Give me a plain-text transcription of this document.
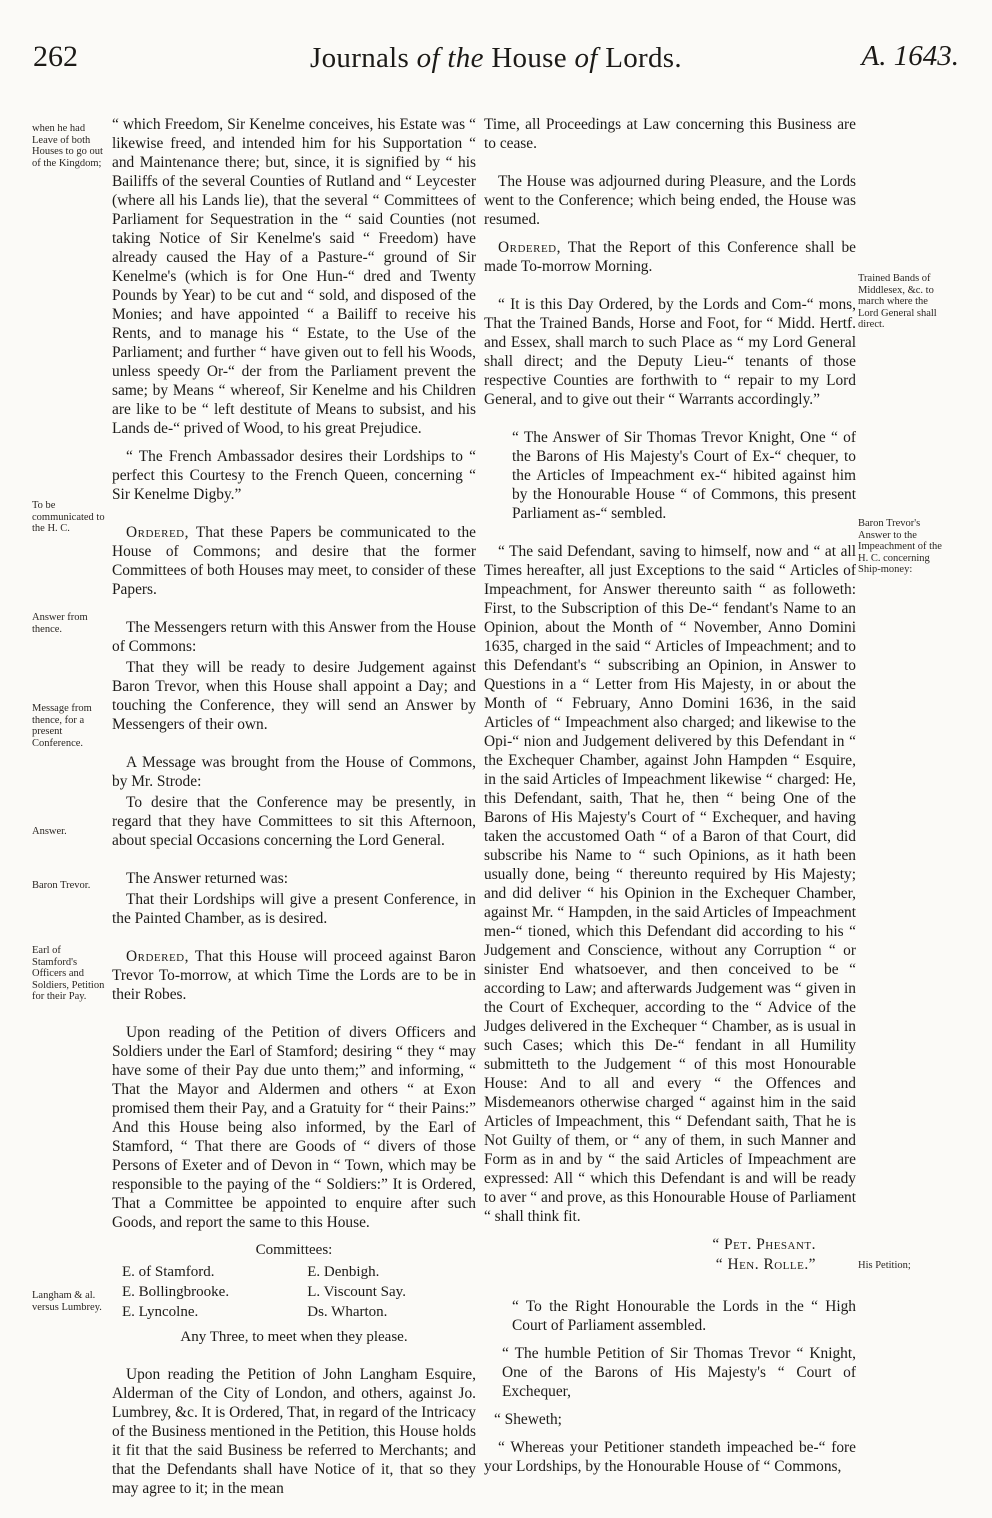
262	Journals of the House of Lords.	A. 1643.
when he had Leave of both Houses to go out of the Kingdom;
To be communicated to the H. C.
Answer from thence.
Message from thence, for a present Conference.
Answer.
Baron Trevor.
Earl of Stamford's Officers and Soldiers, Petition for their Pay.
Langham & al. versus Lumbrey.
Trained Bands of Middlesex, &c. to march where the Lord General shall direct.
Baron Trevor's Answer to the Impeachment of the H. C. concerning Ship-money:
His Petition;

“ which Freedom, Sir Kenelme conceives, his Estate was “ likewise freed, and intended him for his Supportation “ and Maintenance there; but, since, it is signified by “ his Bailiffs of the several Counties of Rutland and “ Leycester (where all his Lands lie), that the several “ Committees of Parliament for Sequestration in the “ said Counties (not taking Notice of Sir Kenelme's said “ Freedom) have already caused the Hay of a Pasture-“ ground of Sir Kenelme's (which is for One Hun-“ dred and Twenty Pounds by Year) to be cut and “ sold, and disposed of the Monies; and have appointed “ a Bailiff to receive his Rents, and to manage his “ Estate, to the Use of the Parliament; and further “ have given out to fell his Woods, unless speedy Or-“ der from the Parliament prevent the same; by Means “ whereof, Sir Kenelme and his Children are like to be “ left destitute of Means to subsist, and his Lands de-“ prived of Wood, to his great Prejudice.

“ The French Ambassador desires their Lordships to “ perfect this Courtesy to the French Queen, concerning “ Sir Kenelme Digby.”

Ordered, That these Papers be communicated to the House of Commons; and desire that the former Committees of both Houses may meet, to consider of these Papers.

The Messengers return with this Answer from the House of Commons:

That they will be ready to desire Judgement against Baron Trevor, when this House shall appoint a Day; and touching the Conference, they will send an Answer by Messengers of their own.

A Message was brought from the House of Commons, by Mr. Strode:

To desire that the Conference may be presently, in regard that they have Committees to sit this Afternoon, about special Occasions concerning the Lord General.

The Answer returned was:

That their Lordships will give a present Conference, in the Painted Chamber, as is desired.

Ordered, That this House will proceed against Baron Trevor To-morrow, at which Time the Lords are to be in their Robes.

Upon reading of the Petition of divers Officers and Soldiers under the Earl of Stamford; desiring “ they “ may have some of their Pay due unto them;” and informing, “ That the Mayor and Aldermen and others “ at Exon promised them their Pay, and a Gratuity for “ their Pains:” And this House being also informed, by the Earl of Stamford, “ That there are Goods of “ divers of those Persons of Exeter and of Devon in “ Town, which may be responsible to the paying of the “ Soldiers:” It is Ordered, That a Committee be appointed to enquire after such Goods, and report the same to this House.

Committees:
E. of Stamford.	E. Denbigh.
E. Bollingbrooke.	L. Viscount Say.
E. Lyncolne.	Ds. Wharton.
Any Three, to meet when they please.

Upon reading the Petition of John Langham Esquire, Alderman of the City of London, and others, against Jo. Lumbrey, &c. It is Ordered, That, in regard of the Intricacy of the Business mentioned in the Petition, this House holds it fit that the said Business be referred to Merchants; and that the Defendants shall have Notice of it, that so they may agree to it; in the mean

Time, all Proceedings at Law concerning this Business are to cease.

The House was adjourned during Pleasure, and the Lords went to the Conference; which being ended, the House was resumed.

Ordered, That the Report of this Conference shall be made To-morrow Morning.

“ It is this Day Ordered, by the Lords and Com-“ mons, That the Trained Bands, Horse and Foot, for “ Midd. Hertf. and Essex, shall march to such Place as “ my Lord General shall direct; and the Deputy Lieu-“ tenants of those respective Counties are forthwith to “ repair to my Lord General, and to give out their “ Warrants accordingly.”

“ The Answer of Sir Thomas Trevor Knight, One “ of the Barons of His Majesty's Court of Ex-“ chequer, to the Articles of Impeachment ex-“ hibited against him by the Honourable House “ of Commons, this present Parliament as-“ sembled.

“ The said Defendant, saving to himself, now and “ at all Times hereafter, all just Exceptions to the said “ Articles of Impeachment, for Answer thereunto saith “ as followeth: First, to the Subscription of this De-“ fendant's Name to an Opinion, about the Month of “ November, Anno Domini 1635, charged in the said “ Articles of Impeachment; and to this Defendant's “ subscribing an Opinion, in Answer to Questions in a “ Letter from His Majesty, in or about the Month of “ February, Anno Domini 1636, in the said Articles of “ Impeachment also charged; and likewise to the Opi-“ nion and Judgement delivered by this Defendant in “ the Exchequer Chamber, against John Hampden “ Esquire, in the said Articles of Impeachment likewise “ charged: He, this Defendant, saith, That he, then “ being One of the Barons of His Majesty's Court of “ Exchequer, and having taken the accustomed Oath “ of a Baron of that Court, did subscribe his Name to “ such Opinions, as it hath been usually done, being “ thereunto required by His Majesty; and did deliver “ his Opinion in the Exchequer Chamber, against Mr. “ Hampden, in the said Articles of Impeachment men-“ tioned, which this Defendant did according to his “ Judgement and Conscience, without any Corruption “ or sinister End whatsoever, and then conceived to be “ according to Law; and afterwards Judgement was “ given in the Court of Exchequer, according to the “ Advice of the Judges delivered in the Exchequer “ Chamber, as is usual in such Cases; which this De-“ fendant in all Humility submitteth to the Judgement “ of this most Honourable House: And to all and every “ the Offences and Misdemeanors otherwise charged “ against him in the said Articles of Impeachment, this “ Defendant saith, That he is Not Guilty of them, or “ any of them, in such Manner and Form as in and by “ the said Articles of Impeachment are expressed: All “ which this Defendant is and will be ready to aver “ and prove, as this Honourable House of Parliament “ shall think fit.

“ Pet. Phesant.
“ Hen. Rolle.”

“ To the Right Honourable the Lords in the “ High Court of Parliament assembled.

“ The humble Petition of Sir Thomas Trevor “ Knight, One of the Barons of His Majesty's “ Court of Exchequer,

“ Sheweth;

“ Whereas your Petitioner standeth impeached be-“ fore your Lordships, by the Honourable House of “ Commons,
